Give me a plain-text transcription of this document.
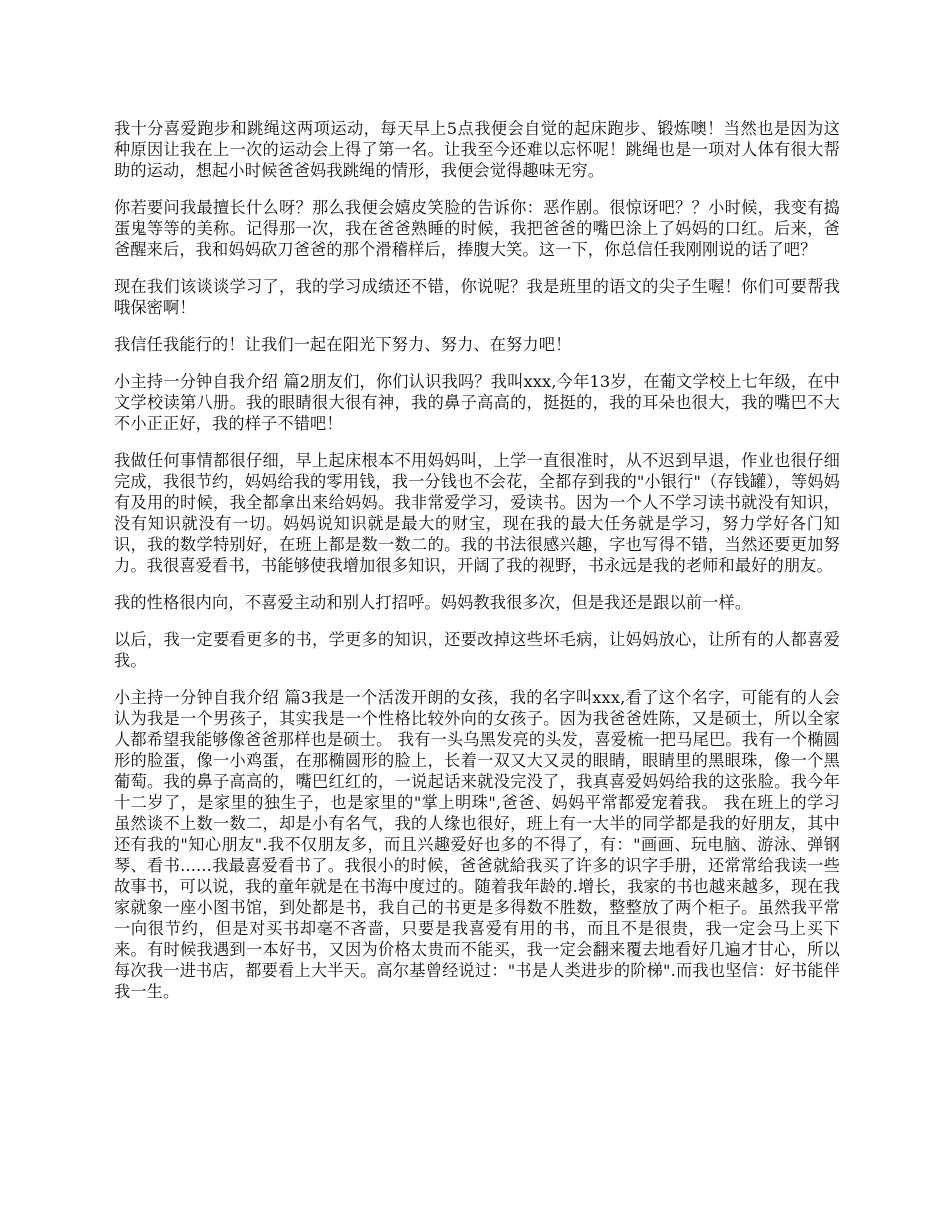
我十分喜爱跑步和跳绳这两项运动，每天早上5点我便会自觉的起床跑步、锻炼噢！当然也是因为这种原因让我在上一次的运动会上得了第一名。让我至今还难以忘怀呢！跳绳也是一项对人体有很大帮助的运动，想起小时候爸爸妈我跳绳的情形，我便会觉得趣味无穷。

你若要问我最擅长什么呀？那么我便会嬉皮笑脸的告诉你：恶作剧。很惊讶吧？？小时候，我变有捣蛋鬼等等的美称。记得那一次，我在爸爸熟睡的时候，我把爸爸的嘴巴涂上了妈妈的口红。后来，爸爸醒来后，我和妈妈砍刀爸爸的那个滑稽样后，捧腹大笑。这一下，你总信任我刚刚说的话了吧？

现在我们该谈谈学习了，我的学习成绩还不错，你说呢？我是班里的语文的尖子生喔！你们可要帮我哦保密啊！

我信任我能行的！让我们一起在阳光下努力、努力、在努力吧！

小主持一分钟自我介绍 篇2朋友们，你们认识我吗？我叫xxx,今年13岁，在葡文学校上七年级，在中文学校读第八册。我的眼睛很大很有神，我的鼻子高高的，挺挺的，我的耳朵也很大，我的嘴巴不大不小正正好，我的样子不错吧！

我做任何事情都很仔细，早上起床根本不用妈妈叫，上学一直很准时，从不迟到早退，作业也很仔细完成，我很节约，妈妈给我的零用钱，我一分钱也不会花，全都存到我的"小银行"（存钱罐），等妈妈有及用的时候，我全都拿出来给妈妈。我非常爱学习，爱读书。因为一个人不学习读书就没有知识，没有知识就没有一切。妈妈说知识就是最大的财宝，现在我的最大任务就是学习，努力学好各门知识，我的数学特别好，在班上都是数一数二的。我的书法很感兴趣，字也写得不错，当然还要更加努力。我很喜爱看书，书能够使我增加很多知识，开阔了我的视野，书永远是我的老师和最好的朋友。

我的性格很内向，不喜爱主动和别人打招呼。妈妈教我很多次，但是我还是跟以前一样。

以后，我一定要看更多的书，学更多的知识，还要改掉这些坏毛病，让妈妈放心，让所有的人都喜爱我。

小主持一分钟自我介绍 篇3我是一个活泼开朗的女孩，我的名字叫xxx,看了这个名字，可能有的人会认为我是一个男孩子，其实我是一个性格比较外向的女孩子。因为我爸爸姓陈，又是硕士，所以全家人都希望我能够像爸爸那样也是硕士。 我有一头乌黑发亮的头发，喜爱梳一把马尾巴。我有一个椭圆形的脸蛋，像一小鸡蛋，在那椭圆形的脸上，长着一双又大又灵的眼睛，眼睛里的黑眼珠，像一个黑葡萄。我的鼻子高高的，嘴巴红红的，一说起话来就没完没了，我真喜爱妈妈给我的这张脸。我今年十二岁了，是家里的独生子，也是家里的"掌上明珠",爸爸、妈妈平常都爱宠着我。 我在班上的学习虽然谈不上数一数二，却是小有名气，我的人缘也很好，班上有一大半的同学都是我的好朋友，其中还有我的"知心朋友".我不仅朋友多，而且兴趣爱好也多的不得了，有："画画、玩电脑、游泳、弹钢琴、看书......我最喜爱看书了。我很小的时候，爸爸就給我买了许多的识字手册，还常常给我读一些故事书，可以说，我的童年就是在书海中度过的。随着我年龄的.增长，我家的书也越来越多，现在我家就象一座小图书馆，到处都是书，我自己的书更是多得数不胜数，整整放了两个柜子。虽然我平常一向很节约，但是对买书却毫不吝啬，只要是我喜爱有用的书，而且不是很贵，我一定会马上买下来。有时候我遇到一本好书，又因为价格太贵而不能买，我一定会翻来覆去地看好几遍才甘心，所以每次我一进书店，都要看上大半天。高尔基曾经说过："书是人类进步的阶梯".而我也坚信：好书能伴我一生。
